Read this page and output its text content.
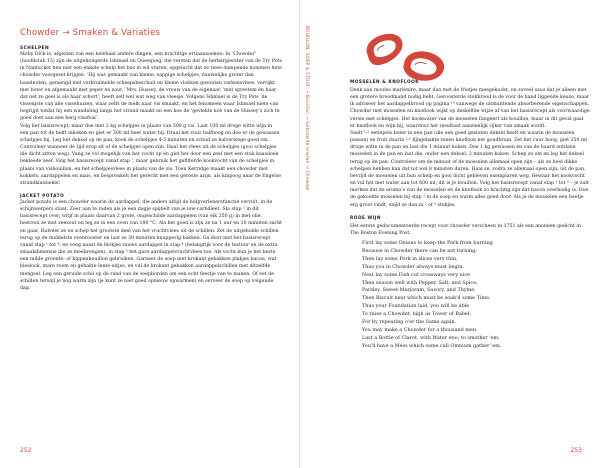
Chowder → Smaken & Variaties
SCHELPEN
Moby Dick is, afgezien van een helebaal andere dingen, een krachtige ertiaansoeken: In ‘Chowder’ (hoofdstuk 15) zijn de uitgehongerde Ishmael en Queequeg, die versten dat de herbergierster van de Try Pots in Nantucket hen niet een enkele schelp het bus in wil sturen, opgelucht dat ze twee dampende kommen hete chowder voorgezet krijgen. ‘Hij was gemaakt van kleine, sappige schelpjes, nauwelijks groter dan hazelnoten, gemengd met verkruimelde scheepsbeschuit en kleine vlokken gezouten varkensvlees, verrijkt met boter en afgemaakt met peper en zout.’ Mrs. Hussey, de vrouw van de eigenaar, ‘met sprestem en haar dat net zo geel is als haar schort’, heeft zelf wel wat weg van vleesje. Volgens Ishmael is de Try Pots ‘de visseigste van alle vissehuizen, waar zelfs de melk naar vis smaakt, en het fenomeen waar Ishmael niets van begrijpt totdat hij een wandeling langs het strand maakt en een koe de ‘gevlekte koe van de Hussey’s zich te goed doet aan een berg visafval’.
Volg het basisrecept, maar doe met 2 kg schelpjes in plaats van 500 g vis. Laat 100 ml droge witte wijn in een pan tot de helft inkoken en giet er 500 ml heet water bij. Draai het vuur halfhoog en doe er de gewassen schelpjes bij. Leg het deksel op de pan, kook de schelpjes 4-5 minuten en schud ze halverwege goed om. Controleer wanneer de tijd erop zit of de schelpjes open zijn. Haal het vlees uit de schelpjes (gooi schelpjes die dicht zitten weg). Vang ze vol mogelijk van het vocht op en giet het door een zeef met een stuk kaasdoek bekleede zeef. Volg het basisrecept vanaf stap ’, maar gebruik het gefilterde kookvocht van de schelpjes in plaats van visbouillon, en het schelpjesvlees in plaats van de vis. Toen Kerridge maakt een chowder met kokkels, aardappelen en mais, en besprenkelt het gerecht met een geroste azijn, als knipoog naar de Engelse strandklassieker.
JACKET POTATO
Jacket potato is een chowder waarin de aardappel, die anders altijd de hulpverlenersfunctie vervult, in de schijnwerpers staat. Zeer aan te raden als je een dagje spijbelt van je low-carbdieet. Sla stap ¹ in dit basisrecept over, wrijf in plaats daarvan 2 grote, ongeschilde aardappelen (van elk 250 g) in met olie, bestrooi ze met zeezout en leg ze in een oven van 180 °C. Als het goed is zijn ze na 1 uur en 10 minuten zacht en gaar. Halveer ze en schep het grootste deel van het vruchtvlees uit de schillen. Zet de uitgeholde schillen terug op de middelste ovenrooster en laat ze 30 minuten knapperig bakken. Ga door met het basisrecept vanaf stap ¹ tot ⁴, en voeg naast de blokjes rauwe aardappel in stap ⁴ (belangrijk voor de textuur en de extra smaakdimensie die ze meebrengen), in stap ⁵ het gare aardappelvruchtvlees toe. Als vocht kun je het beste een milde groente- of kippenbouillon gebruiken. Garneer de soep met krokant gebakken plakjes bacon, wat bieslook, mare room en gehakte lente-uitjes, en vul de krokant gebakken aardappelschillen met ditzelfde mengsel. Leg een geruide schil op de rand van de soepborden om een echt feestje van te maken. Of eet de schillen terwijl je nog warm zijn (je kunt ze niet goed opnieuw opwarmen) en serveer de soep op volgende dag.
252
MOSSELEN & KNOFLOOK
Denk aan moules mariènire, maar dan met de frietjes meegekookt, en zoveel saus dat je alleen met een grotere broodmand nodig hebt. Geroosterde stokbrood is de voor de hand liggende keuze, maar ik adviseer het aardappelbrood op pagina ¹⁹ vanwege de uitmuntende absorberende eigenschappen. Chowder met mosselen en knoflook wijkt op deskelfde wijze af van het basisrecept als voorwaardige versie met schelpjes. Het kookwater van de mosselen fungeert als bouillon, maar in dit geval gaat er knoflook en wijn bij, waardoor het resultaat aanzienlijk rijker van smaak wordt.
Snelt ¹-² eetlepels boter in een pan (die een goed gesloten deksel heeft en waarin de mosselen passen) en fruit daarin ¹-⁵ fijngehakte tenen knoflook net goudbruin. Zet het vuur hoog, giet 250 ml droge witte in de pan en laat die 1 minuut koken. Doe 1 kg gewassen en van de baard ontdane mosselen in de pan en laat die, onder een deksel, 2 minuten koken. Schep ze om en leg het deksel terug op de pan. Controleer om de minuut of de mosselen allemaal open zijn – als ze heel dikke schelpen hebben kan dat tot wel 8 minuten duren. Haal ze, zodra ze allemaal open zijn, uit de pan, bevrijd de mosselen uit hun schelp en gooi dicht gebleven exemplaren weg. Bewaar het kookvocht en vul het met water aan tot 600 ml; dit is je bouillon. Volg het basisrecept vanaf stap ¹ tot ⁵ – je zult merken dat de aroma’s van de mosselen en de knoflook zo krachtig zijn dat bacon overbodig is. Doe de gekookte mosselen bij stap ¹ in de soep en warm alles goed door. Als je de mosselen een beetje erg groot vindt, snijd ze dan in ² of ³ stukjes.
RODE WIJN
Het eerste gedocumenteerde recept voor chowder verscheen in 1751 als een anoniem gedicht in The Boston Evening Post.
First lay some Onions to keep the Pork from burning
Because in Chowder there can be not turning;
Then lay some Pork in slices very thin,
Thus you in Chowder always must begin.
Next lay some Fish cut crossways very nice
Then season well with Pepper, Salt, and Spice;
Parsley, Sweet-Marjoram, Savory, and Thyme,
Then Biscuit next which must be soak'd some Time.
Thus your Foundation laid, you will be able
To raise a Chowder, high as Tower of Babel;
For by repeating o'er the Same again,
You may make a Chowder for a thousand men.
Last a Bottle of Claret, with Water eno; to smother 'em,
You'll have a Mess which some call Omnium gather 'em.
253
BOUILLON, SOEP & STOOF → Bouillon → Gebroeide erwten → Chowder
